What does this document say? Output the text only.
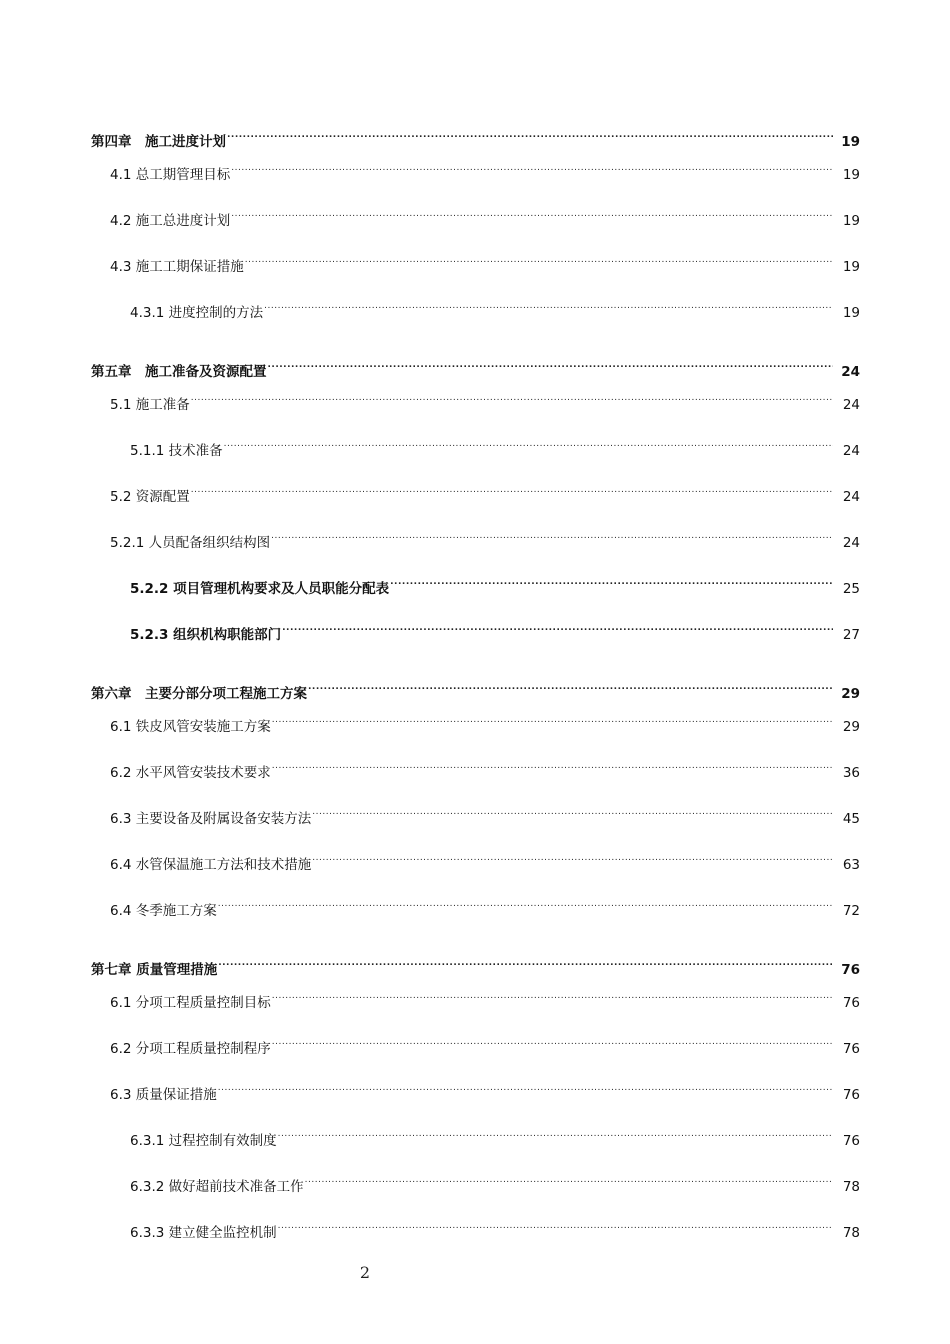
第四章　施工进度计划 .....	19
4.1 总工期管理目标 .....	19
4.2 施工总进度计划 .....	19
4.3 施工工期保证措施 .....	19
4.3.1 进度控制的方法 .....	19
第五章　施工准备及资源配置 .....	24
5.1 施工准备 .....	24
5.1.1 技术准备 .....	24
5.2 资源配置 .....	24
5.2.1 人员配备组织结构图 .....	24
5.2.2 项目管理机构要求及人员职能分配表 .....	25
5.2.3 组织机构职能部门 .....	27
第六章　主要分部分项工程施工方案 .....	29
6.1 铁皮风管安装施工方案 .....	29
6.2 水平风管安装技术要求 .....	36
6.3 主要设备及附属设备安装方法 .....	45
6.4 水管保温施工方法和技术措施 .....	63
6.4 冬季施工方案 .....	72
第七章 质量管理措施 .....	76
6.1 分项工程质量控制目标 .....	76
6.2 分项工程质量控制程序 .....	76
6.3 质量保证措施 .....	76
6.3.1 过程控制有效制度 .....	76
6.3.2 做好超前技术准备工作 .....	78
6.3.3 建立健全监控机制 .....	78
2
